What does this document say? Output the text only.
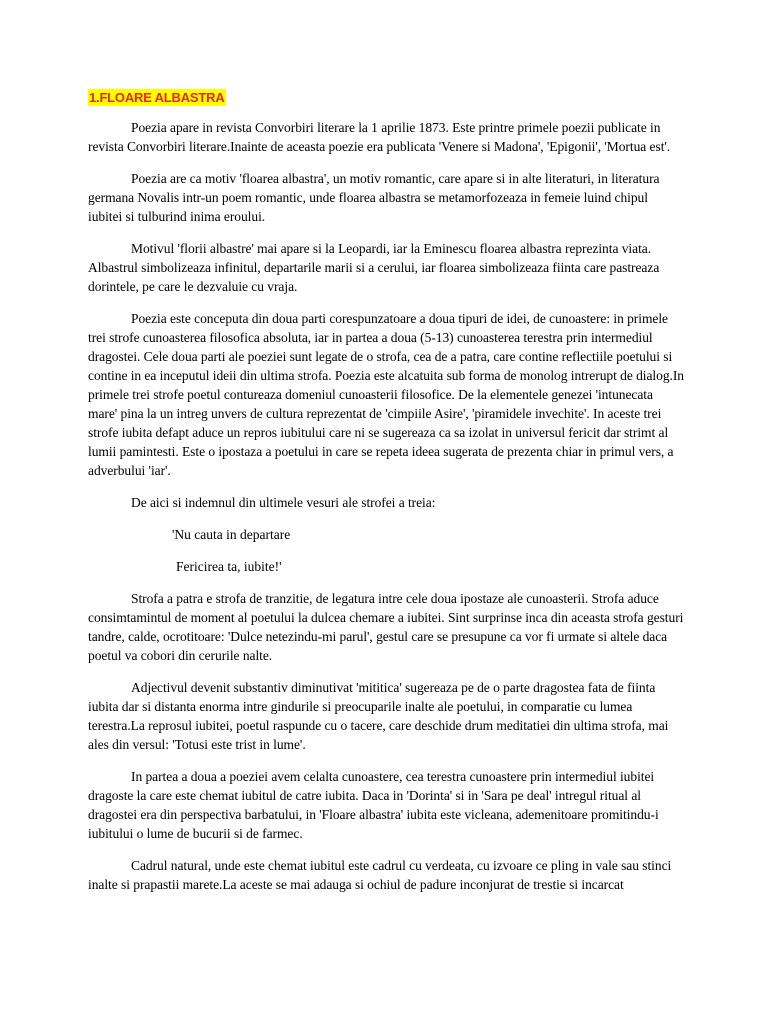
1.FLOARE ALBASTRA

Poezia apare in revista Convorbiri literare la 1 aprilie 1873. Este printre primele poezii publicate in revista Convorbiri literare.Inainte de aceasta poezie era publicata 'Venere si Madona', 'Epigonii', 'Mortua est'.

Poezia are ca motiv 'floarea albastra', un motiv romantic, care apare si in alte literaturi, in literatura germana Novalis intr-un poem romantic, unde floarea albastra se metamorfozeaza in femeie luind chipul iubitei si tulburind inima eroului.

Motivul 'florii albastre' mai apare si la Leopardi, iar la Eminescu floarea albastra reprezinta viata. Albastrul simbolizeaza infinitul, departarile marii si a cerului, iar floarea simbolizeaza fiinta care pastreaza dorintele, pe care le dezvaluie cu vraja.

Poezia este conceputa din doua parti corespunzatoare a doua tipuri de idei, de cunoastere: in primele trei strofe cunoasterea filosofica absoluta, iar in partea a doua (5-13) cunoasterea terestra prin intermediul dragostei. Cele doua parti ale poeziei sunt legate de o strofa, cea de a patra, care contine reflectiile poetului si contine in ea inceputul ideii din ultima strofa. Poezia este alcatuita sub forma de monolog intrerupt de dialog.In primele trei strofe poetul contureaza domeniul cunoasterii filosofice. De la elementele genezei 'intunecata mare' pina la un intreg unvers de cultura reprezentat de 'cimpiile Asire', 'piramidele invechite'. In aceste trei strofe iubita defapt aduce un repros iubitului care ni se sugereaza ca sa izolat in universul fericit dar strimt al lumii pamintesti. Este o ipostaza a poetului in care se repeta ideea sugerata de prezenta chiar in primul vers, a adverbului 'iar'.

De aici si indemnul din ultimele vesuri ale strofei a treia:

'Nu cauta in departare

Fericirea ta, iubite!'

Strofa a patra e strofa de tranzitie, de legatura intre cele doua ipostaze ale cunoasterii. Strofa aduce consimtamintul de moment al poetului la dulcea chemare a iubitei. Sint surprinse inca din aceasta strofa gesturi tandre, calde, ocrotitoare: 'Dulce netezindu-mi parul', gestul care se presupune ca vor fi urmate si altele daca poetul va cobori din cerurile nalte.

Adjectivul devenit substantiv diminutivat 'mititica' sugereaza pe de o parte dragostea fata de fiinta iubita dar si distanta enorma intre gindurile si preocuparile inalte ale poetului, in comparatie cu lumea terestra.La reprosul iubitei, poetul raspunde cu o tacere, care deschide drum meditatiei din ultima strofa, mai ales din versul: 'Totusi este trist in lume'.

In partea a doua a poeziei avem celalta cunoastere, cea terestra cunoastere prin intermediul iubitei dragoste la care este chemat iubitul de catre iubita. Daca in 'Dorinta' si in 'Sara pe deal' intregul ritual al dragostei era din perspectiva barbatului, in 'Floare albastra' iubita este vicleana, ademenitoare promitindu-i iubitului o lume de bucurii si de farmec.

Cadrul natural, unde este chemat iubitul este cadrul cu verdeata, cu izvoare ce pling in vale sau stinci inalte si prapastii marete.La aceste se mai adauga si ochiul de padure inconjurat de trestie si incarcat
